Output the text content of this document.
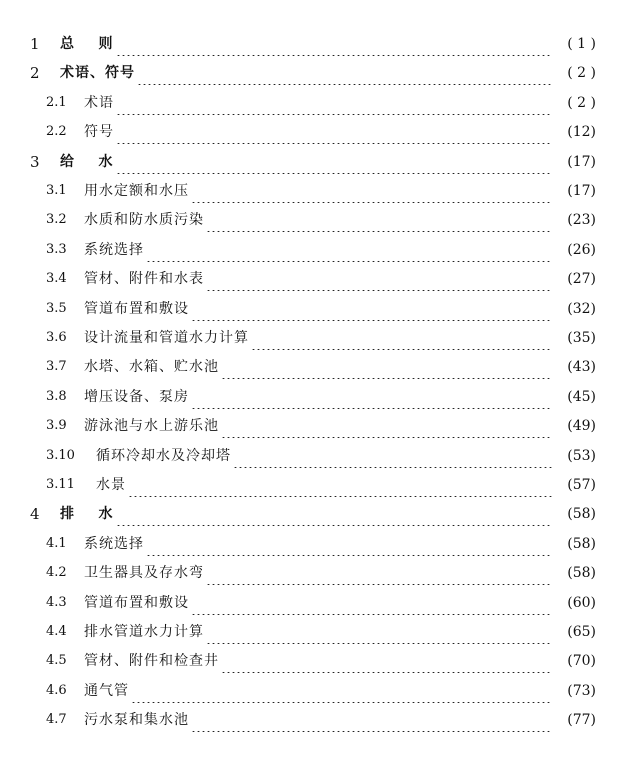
1	总    则	( 1 )
2	术语、符号	( 2 )
2.1	术语	( 2 )
2.2	符号	(12)
3	给    水	(17)
3.1	用水定额和水压	(17)
3.2	水质和防水质污染	(23)
3.3	系统选择	(26)
3.4	管材、附件和水表	(27)
3.5	管道布置和敷设	(32)
3.6	设计流量和管道水力计算	(35)
3.7	水塔、水箱、贮水池	(43)
3.8	增压设备、泵房	(45)
3.9	游泳池与水上游乐池	(49)
3.10	循环冷却水及冷却塔	(53)
3.11	水景	(57)
4	排    水	(58)
4.1	系统选择	(58)
4.2	卫生器具及存水弯	(58)
4.3	管道布置和敷设	(60)
4.4	排水管道水力计算	(65)
4.5	管材、附件和检查井	(70)
4.6	通气管	(73)
4.7	污水泵和集水池	(77)
